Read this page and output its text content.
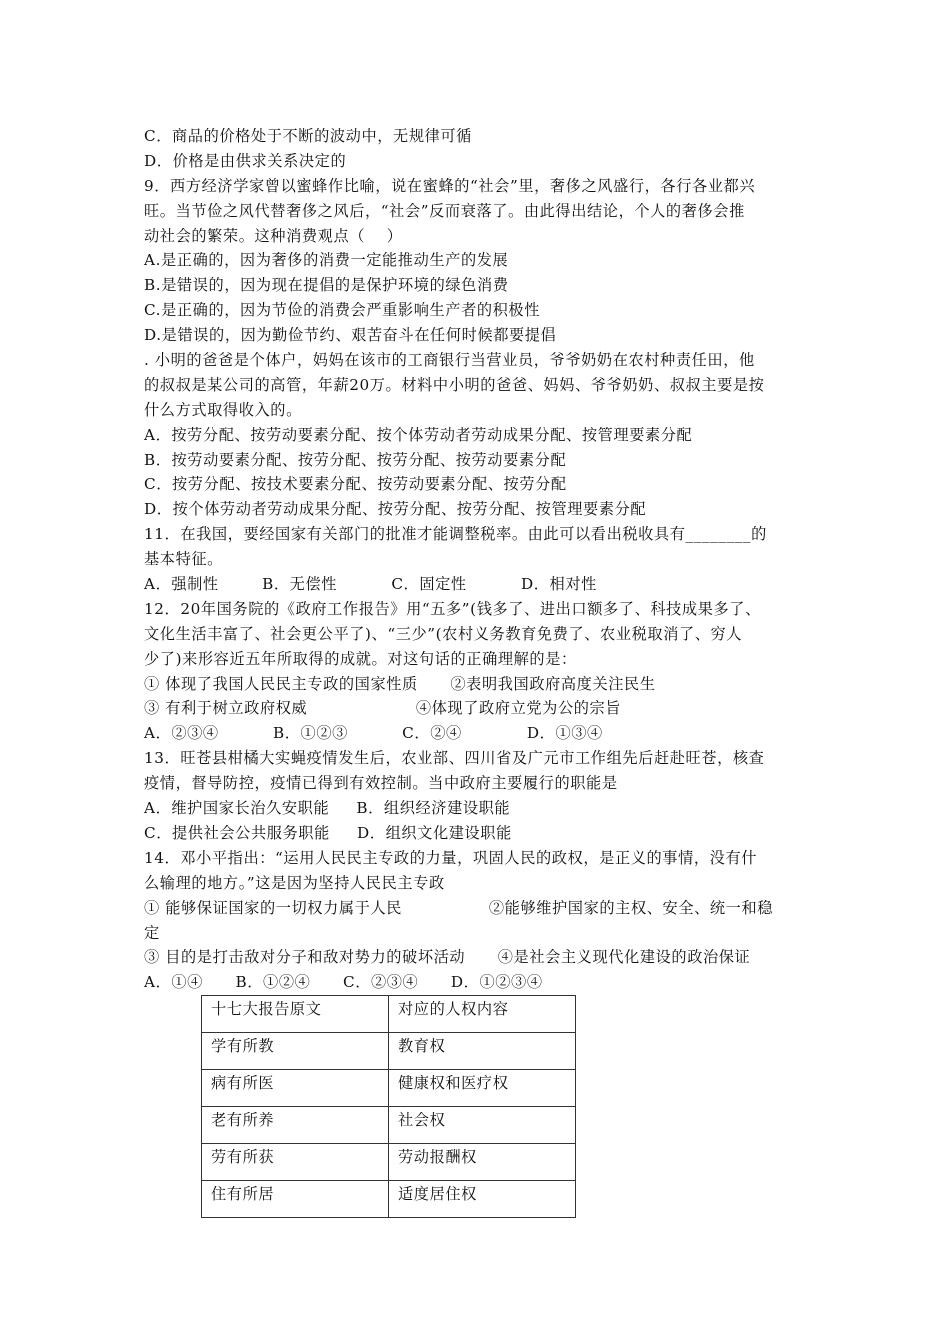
C．商品的价格处于不断的波动中，无规律可循
D．价格是由供求关系决定的
9．西方经济学家曾以蜜蜂作比喻，说在蜜蜂的“社会”里，奢侈之风盛行，各行各业都兴
旺。当节俭之风代替奢侈之风后，“社会”反而衰落了。由此得出结论，个人的奢侈会推
动社会的繁荣。这种消费观点（    ）
A.是正确的，因为奢侈的消费一定能推动生产的发展
B.是错误的，因为现在提倡的是保护环境的绿色消费
C.是正确的，因为节俭的消费会严重影响生产者的积极性
D.是错误的，因为勤俭节约、艰苦奋斗在任何时候都要提倡
. 小明的爸爸是个体户，妈妈在该市的工商银行当营业员，爷爷奶奶在农村种责任田，他
的叔叔是某公司的高管，年薪20万。材料中小明的爸爸、妈妈、爷爷奶奶、叔叔主要是按
什么方式取得收入的。
A．按劳分配、按劳动要素分配、按个体劳动者劳动成果分配、按管理要素分配
B．按劳动要素分配、按劳分配、按劳分配、按劳动要素分配
C．按劳分配、按技术要素分配、按劳动要素分配、按劳分配
D．按个体劳动者劳动成果分配、按劳分配、按劳分配、按管理要素分配
11．在我国，要经国家有关部门的批准才能调整税率。由此可以看出税收具有________的
基本特征。
A．强制性        B．无偿性          C．固定性          D．相对性
12．20年国务院的《政府工作报告》用“五多”(钱多了、进出口额多了、科技成果多了、
文化生活丰富了、社会更公平了)、“三少”(农村义务教育免费了、农业税取消了、穷人
少了)来形容近五年所取得的成就。对这句话的正确理解的是：
① 体现了我国人民民主专政的国家性质      ②表明我国政府高度关注民生
③ 有利于树立政府权威                    ④体现了政府立党为公的宗旨
A．②③④          B．①②③          C．②④            D．①③④
13．旺苍县柑橘大实蝇疫情发生后，农业部、四川省及广元市工作组先后赶赴旺苍，核查
疫情，督导防控，疫情已得到有效控制。当中政府主要履行的职能是
A．维护国家长治久安职能     B．组织经济建设职能
C．提供社会公共服务职能     D．组织文化建设职能
14．邓小平指出：“运用人民民主专政的力量，巩固人民的政权，是正义的事情，没有什
么输理的地方。”这是因为坚持人民民主专政
① 能够保证国家的一切权力属于人民                ②能够维护国家的主权、安全、统一和稳
定
③ 目的是打击敌对分子和敌对势力的破坏活动      ④是社会主义现代化建设的政治保证
A．①④      B．①②④      C．②③④      D．①②③④
十七大报告原文	对应的人权内容
学有所教	教育权
病有所医	健康权和医疗权
老有所养	社会权
劳有所获	劳动报酬权
住有所居	适度居住权
